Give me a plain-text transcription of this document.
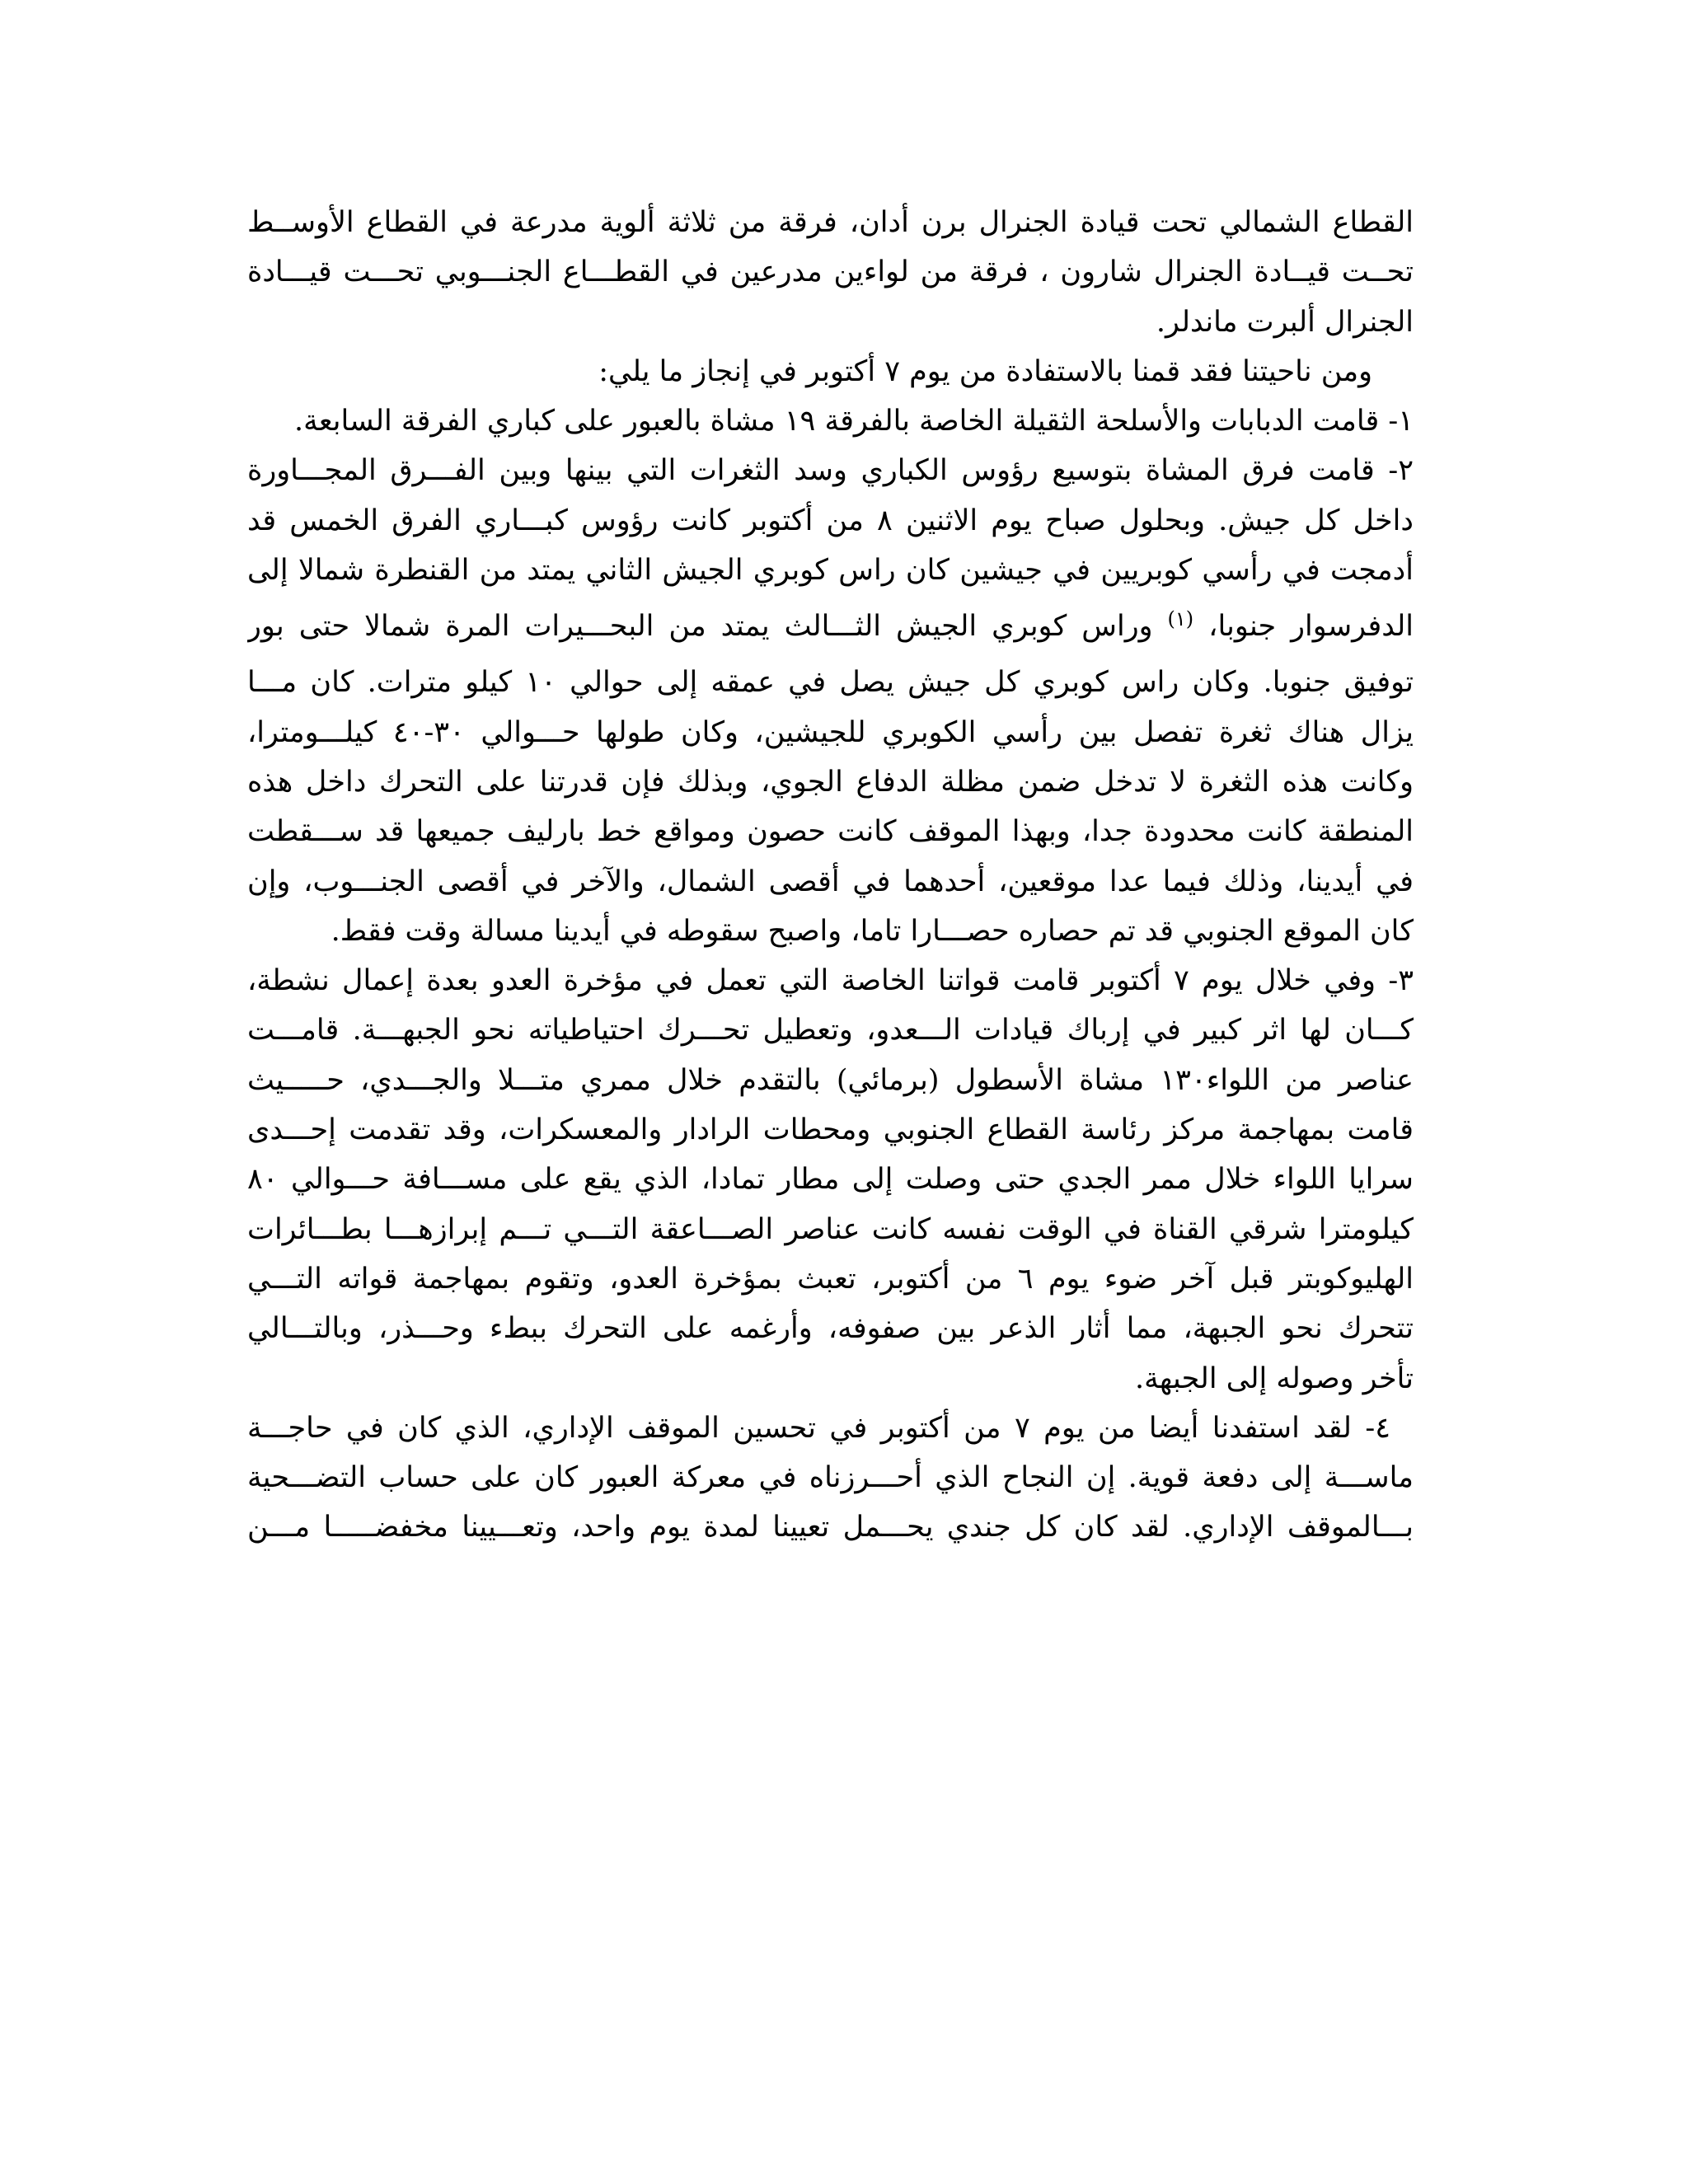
القطاع الشمالي تحت قيادة الجنرال برن أدان، فرقة من ثلاثة ألوية مدرعة في القطاع الأوســط
تحــت قيــادة الجنرال شارون ، فرقة من لواءين مدرعين في القطـــاع الجنـــوبي تحـــت قيـــادة
الجنرال ألبرت ماندلر.
ومن ناحيتنا فقد قمنا بالاستفادة من يوم ٧ أكتوبر في إنجاز ما يلي:
١- قامت الدبابات والأسلحة الثقيلة الخاصة بالفرقة ١٩ مشاة بالعبور على كباري الفرقة السابعة.
٢- قامت فرق المشاة بتوسيع رؤوس الكباري وسد الثغرات التي بينها وبين الفـــرق المجـــاورة
داخل كل جيش. وبحلول صباح يوم الاثنين ٨ من أكتوبر كانت رؤوس كبـــاري الفرق الخمس قد
أدمجت في رأسي كوبريين في جيشين كان راس كوبري الجيش الثاني يمتد من القنطرة شمالا إلى
الدفرسوار جنوبا، $^{(١)}$ وراس كوبري الجيش الثـــالث يمتد من البحـــيرات المرة شمالا حتى بور
توفيق جنوبا. وكان راس كوبري كل جيش يصل في عمقه إلى حوالي ١٠ كيلو مترات. كان مـــا
يزال هناك ثغرة تفصل بين رأسي الكوبري للجيشين، وكان طولها حـــوالي ٣٠-٤٠ كيلـــومترا،
وكانت هذه الثغرة لا تدخل ضمن مظلة الدفاع الجوي، وبذلك فإن قدرتنا على التحرك داخل هذه
المنطقة كانت محدودة جدا، وبهذا الموقف كانت حصون ومواقع خط بارليف جميعها قد ســـقطت
في أيدينا، وذلك فيما عدا موقعين، أحدهما في أقصى الشمال، والآخر في أقصى الجنـــوب، وإن
كان الموقع الجنوبي قد تم حصاره حصـــارا تاما، واصبح سقوطه في أيدينا مسالة وقت فقط.
٣- وفي خلال يوم ٧ أكتوبر قامت قواتنا الخاصة التي تعمل في مؤخرة العدو بعدة إعمال نشطة،
كـــان لها اثر كبير في إرباك قيادات الـــعدو، وتعطيل تحـــرك احتياطياته نحو الجبهـــة. قامـــت
عناصر من اللواء١٣٠ مشاة الأسطول (برمائي) بالتقدم خلال ممري متـــلا والجـــدي، حـــــيث
قامت بمهاجمة مركز رئاسة القطاع الجنوبي ومحطات الرادار والمعسكرات، وقد تقدمت إحـــدى
سرايا اللواء خلال ممر الجدي حتى وصلت إلى مطار تمادا، الذي يقع على مســـافة حـــوالي ٨٠
كيلومترا شرقي القناة في الوقت نفسه كانت عناصر الصـــاعقة التـــي تـــم إبرازهـــا بطـــائرات
الهليوكوبتر قبل آخر ضوء يوم ٦ من أكتوبر، تعبث بمؤخرة العدو، وتقوم بمهاجمة قواته التـــي
تتحرك نحو الجبهة، مما أثار الذعر بين صفوفه، وأرغمه على التحرك ببطء وحـــذر، وبالتـــالي
تأخر وصوله إلى الجبهة.
٤- لقد استفدنا أيضا من يوم ٧ من أكتوبر في تحسين الموقف الإداري، الذي كان في حاجـــة
ماســـة إلى دفعة قوية. إن النجاح الذي أحـــرزناه في معركة العبور كان على حساب التضـــحية
بـــالموقف الإداري. لقد كان كل جندي يحـــمل تعيينا لمدة يوم واحد، وتعـــيينا مخفضـــــا مـــن
